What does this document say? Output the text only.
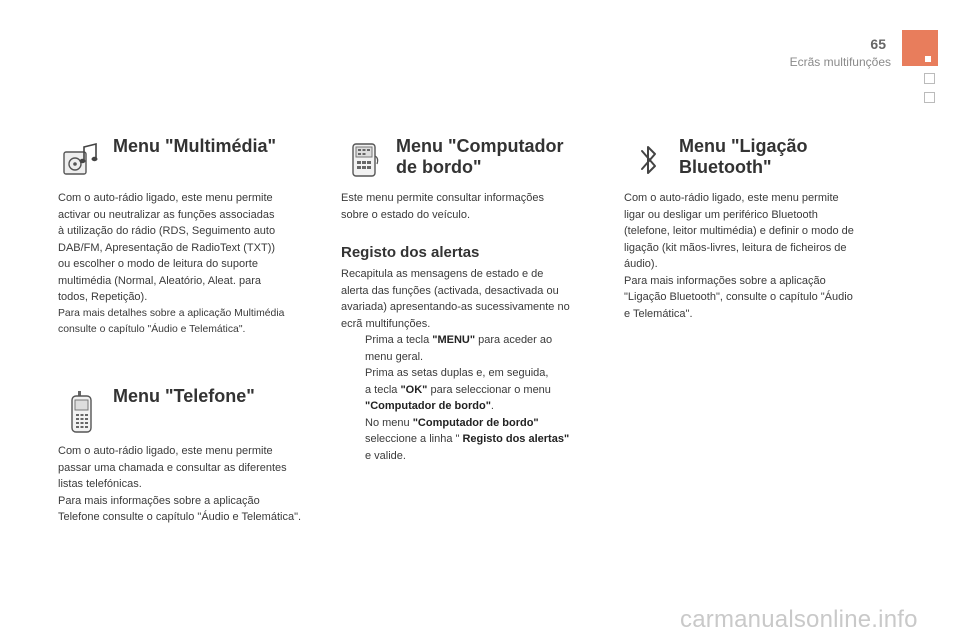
65
Ecrãs multifunções
Menu "Multimédia"

Com o auto-rádio ligado, este menu permite

activar ou neutralizar as funções associadas

à utilização do rádio (RDS, Seguimento auto

DAB/FM, Apresentação de RadioText (TXT))

ou escolher o modo de leitura do suporte

multimédia (Normal, Aleatório, Aleat. para

todos, Repetição).

Para mais detalhes sobre a aplicação Multimédia

consulte o capítulo "Áudio e Telemática".

Menu "Telefone"

Com o auto-rádio ligado, este menu permite

passar uma chamada e consultar as diferentes

listas telefónicas.

Para mais informações sobre a aplicação

Telefone consulte o capítulo "Áudio e Telemática".

Menu "Computador
de bordo"

Este menu permite consultar informações

sobre o estado do veículo.

Registo dos alertas

Recapitula as mensagens de estado e de

alerta das funções (activada, desactivada ou

avariada) apresentando-as sucessivamente no

ecrã multifunções.

Prima a tecla "MENU" para aceder ao
menu geral.
Prima as setas duplas e, em seguida,
a tecla "OK" para seleccionar o menu
"Computador de bordo".
No menu "Computador de bordo"
seleccione a linha " Registo dos alertas"
e valide.
Menu "Ligação
Bluetooth"

Com o auto-rádio ligado, este menu permite

ligar ou desligar um periférico Bluetooth

(telefone, leitor multimédia) e definir o modo de

ligação (kit mãos-livres, leitura de ficheiros de

áudio).

Para mais informações sobre a aplicação

"Ligação Bluetooth", consulte o capítulo "Áudio

e Telemática".

carmanualsonline.info
